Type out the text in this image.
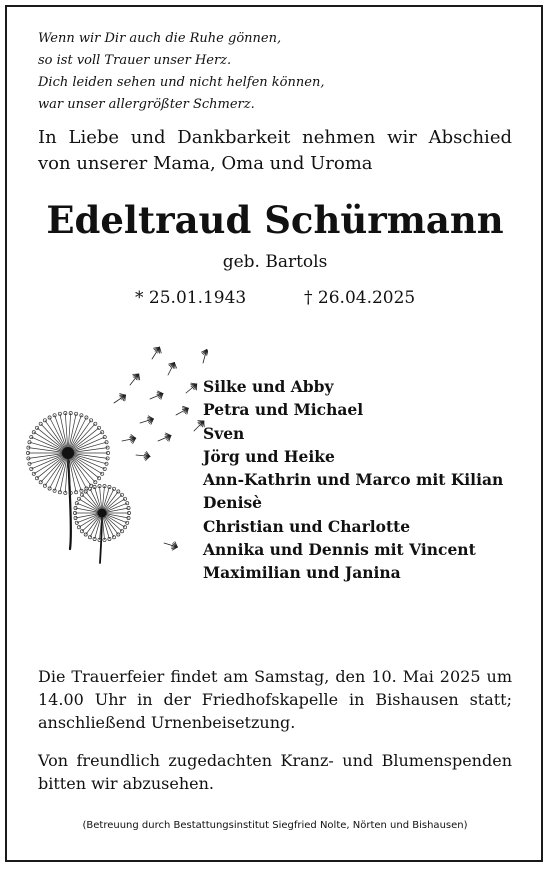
Wenn wir Dir auch die Ruhe gönnen,
so ist voll Trauer unser Herz.
Dich leiden sehen und nicht helfen können,
war unser allergrößter Schmerz.
In Liebe und Dankbarkeit nehmen wir Abschied von unserer Mama, Oma und Uroma
Edeltraud Schürmann
geb. Bartols
* 25.01.1943	† 26.04.2025
Silke und Abby
Petra und Michael
Sven
Jörg und Heike
Ann-Kathrin und Marco mit Kilian
Denisè
Christian und Charlotte
Annika und Dennis mit Vincent
Maximilian und Janina

Die Trauerfeier findet am Samstag, den 10. Mai 2025 um 14.00 Uhr in der Friedhofskapelle in Bishausen statt; anschließend Urnenbeisetzung.

Von freundlich zugedachten Kranz- und Blumenspenden bitten wir abzusehen.

(Betreuung durch Bestattungsinstitut Siegfried Nolte, Nörten und Bishausen)
